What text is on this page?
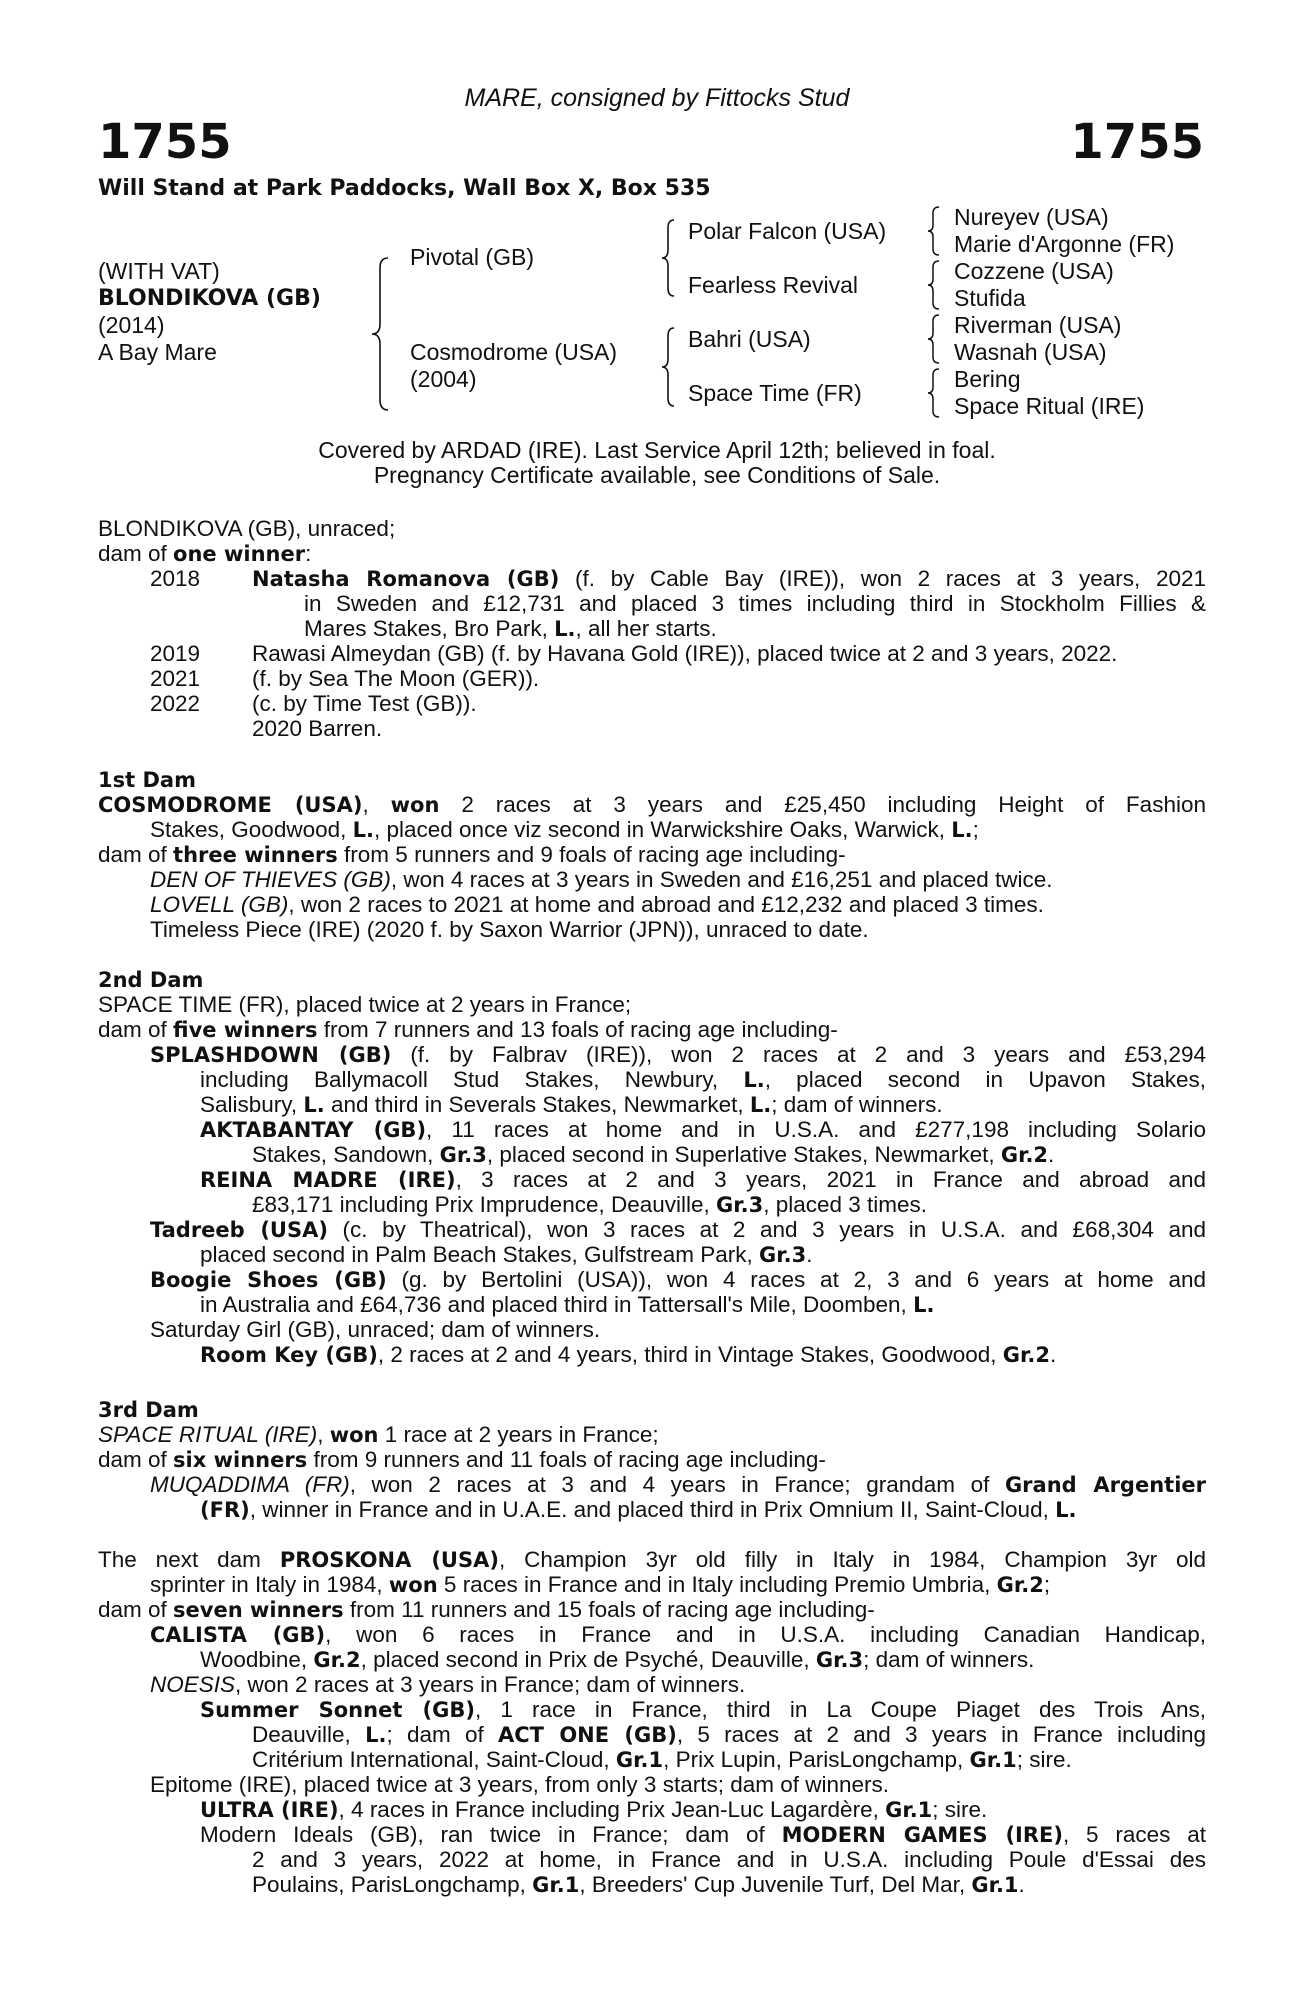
MARE, consigned by Fittocks Stud
1755	1755
Will Stand at Park Paddocks, Wall Box X, Box 535
(WITH VAT)
BLONDIKOVA (GB)
(2014)
A Bay Mare
Pivotal (GB)
Cosmodrome (USA)
(2004)
Polar Falcon (USA)
Fearless Revival
Bahri (USA)
Space Time (FR)
Nureyev (USA)
Marie d'Argonne (FR)
Cozzene (USA)
Stufida
Riverman (USA)
Wasnah (USA)
Bering
Space Ritual (IRE)
Covered by ARDAD (IRE). Last Service April 12th; believed in foal.
Pregnancy Certificate available, see Conditions of Sale.
BLONDIKOVA (GB), unraced;
dam of one winner:
2018 Natasha Romanova (GB) (f. by Cable Bay (IRE)), won 2 races at 3 years, 2021
in Sweden and £12,731 and placed 3 times including third in Stockholm Fillies &
Mares Stakes, Bro Park, L., all her starts.
2019 Rawasi Almeydan (GB) (f. by Havana Gold (IRE)), placed twice at 2 and 3 years, 2022.
2021 (f. by Sea The Moon (GER)).
2022 (c. by Time Test (GB)).
2020 Barren.
1st Dam
COSMODROME (USA), won 2 races at 3 years and £25,450 including Height of Fashion
Stakes, Goodwood, L., placed once viz second in Warwickshire Oaks, Warwick, L.;
dam of three winners from 5 runners and 9 foals of racing age including-
DEN OF THIEVES (GB), won 4 races at 3 years in Sweden and £16,251 and placed twice.
LOVELL (GB), won 2 races to 2021 at home and abroad and £12,232 and placed 3 times.
Timeless Piece (IRE) (2020 f. by Saxon Warrior (JPN)), unraced to date.
2nd Dam
SPACE TIME (FR), placed twice at 2 years in France;
dam of five winners from 7 runners and 13 foals of racing age including-
SPLASHDOWN (GB) (f. by Falbrav (IRE)), won 2 races at 2 and 3 years and £53,294
including Ballymacoll Stud Stakes, Newbury, L., placed second in Upavon Stakes,
Salisbury, L. and third in Severals Stakes, Newmarket, L.; dam of winners.
AKTABANTAY (GB), 11 races at home and in U.S.A. and £277,198 including Solario
Stakes, Sandown, Gr.3, placed second in Superlative Stakes, Newmarket, Gr.2.
REINA MADRE (IRE), 3 races at 2 and 3 years, 2021 in France and abroad and
£83,171 including Prix Imprudence, Deauville, Gr.3, placed 3 times.
Tadreeb (USA) (c. by Theatrical), won 3 races at 2 and 3 years in U.S.A. and £68,304 and
placed second in Palm Beach Stakes, Gulfstream Park, Gr.3.
Boogie Shoes (GB) (g. by Bertolini (USA)), won 4 races at 2, 3 and 6 years at home and
in Australia and £64,736 and placed third in Tattersall's Mile, Doomben, L.
Saturday Girl (GB), unraced; dam of winners.
Room Key (GB), 2 races at 2 and 4 years, third in Vintage Stakes, Goodwood, Gr.2.
3rd Dam
SPACE RITUAL (IRE), won 1 race at 2 years in France;
dam of six winners from 9 runners and 11 foals of racing age including-
MUQADDIMA (FR), won 2 races at 3 and 4 years in France; grandam of Grand Argentier
(FR), winner in France and in U.A.E. and placed third in Prix Omnium II, Saint-Cloud, L.
The next dam PROSKONA (USA), Champion 3yr old filly in Italy in 1984, Champion 3yr old
sprinter in Italy in 1984, won 5 races in France and in Italy including Premio Umbria, Gr.2;
dam of seven winners from 11 runners and 15 foals of racing age including-
CALISTA (GB), won 6 races in France and in U.S.A. including Canadian Handicap,
Woodbine, Gr.2, placed second in Prix de Psyché, Deauville, Gr.3; dam of winners.
NOESIS, won 2 races at 3 years in France; dam of winners.
Summer Sonnet (GB), 1 race in France, third in La Coupe Piaget des Trois Ans,
Deauville, L.; dam of ACT ONE (GB), 5 races at 2 and 3 years in France including
Critérium International, Saint-Cloud, Gr.1, Prix Lupin, ParisLongchamp, Gr.1; sire.
Epitome (IRE), placed twice at 3 years, from only 3 starts; dam of winners.
ULTRA (IRE), 4 races in France including Prix Jean-Luc Lagardère, Gr.1; sire.
Modern Ideals (GB), ran twice in France; dam of MODERN GAMES (IRE), 5 races at
2 and 3 years, 2022 at home, in France and in U.S.A. including Poule d'Essai des
Poulains, ParisLongchamp, Gr.1, Breeders' Cup Juvenile Turf, Del Mar, Gr.1.
